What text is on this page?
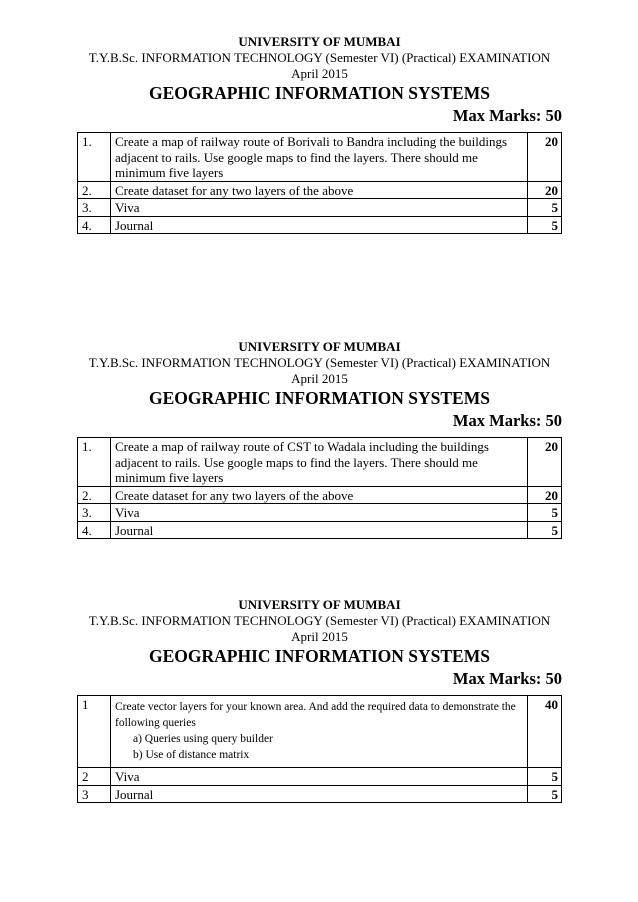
UNIVERSITY OF MUMBAI
T.Y.B.Sc. INFORMATION TECHNOLOGY (Semester VI) (Practical) EXAMINATION
April 2015
GEOGRAPHIC INFORMATION SYSTEMS
Max Marks: 50
1.	Create a map of railway route of Borivali to Bandra including the buildings adjacent to rails. Use google maps to find the layers. There should me minimum five layers	20
2.	Create dataset for any two layers of the above	20
3.	Viva	5
4.	Journal	5
UNIVERSITY OF MUMBAI
T.Y.B.Sc. INFORMATION TECHNOLOGY (Semester VI) (Practical) EXAMINATION
April 2015
GEOGRAPHIC INFORMATION SYSTEMS
Max Marks: 50
1.	Create a map of railway route of CST to Wadala including the buildings adjacent to rails. Use google maps to find the layers. There should me minimum five layers	20
2.	Create dataset for any two layers of the above	20
3.	Viva	5
4.	Journal	5
UNIVERSITY OF MUMBAI
T.Y.B.Sc. INFORMATION TECHNOLOGY (Semester VI) (Practical) EXAMINATION
April 2015
GEOGRAPHIC INFORMATION SYSTEMS
Max Marks: 50
1	Create vector layers for your known area. And add the required data to demonstrate the following queries
a) Queries using query builder
b) Use of distance matrix	40
2	Viva	5
3	Journal	5
